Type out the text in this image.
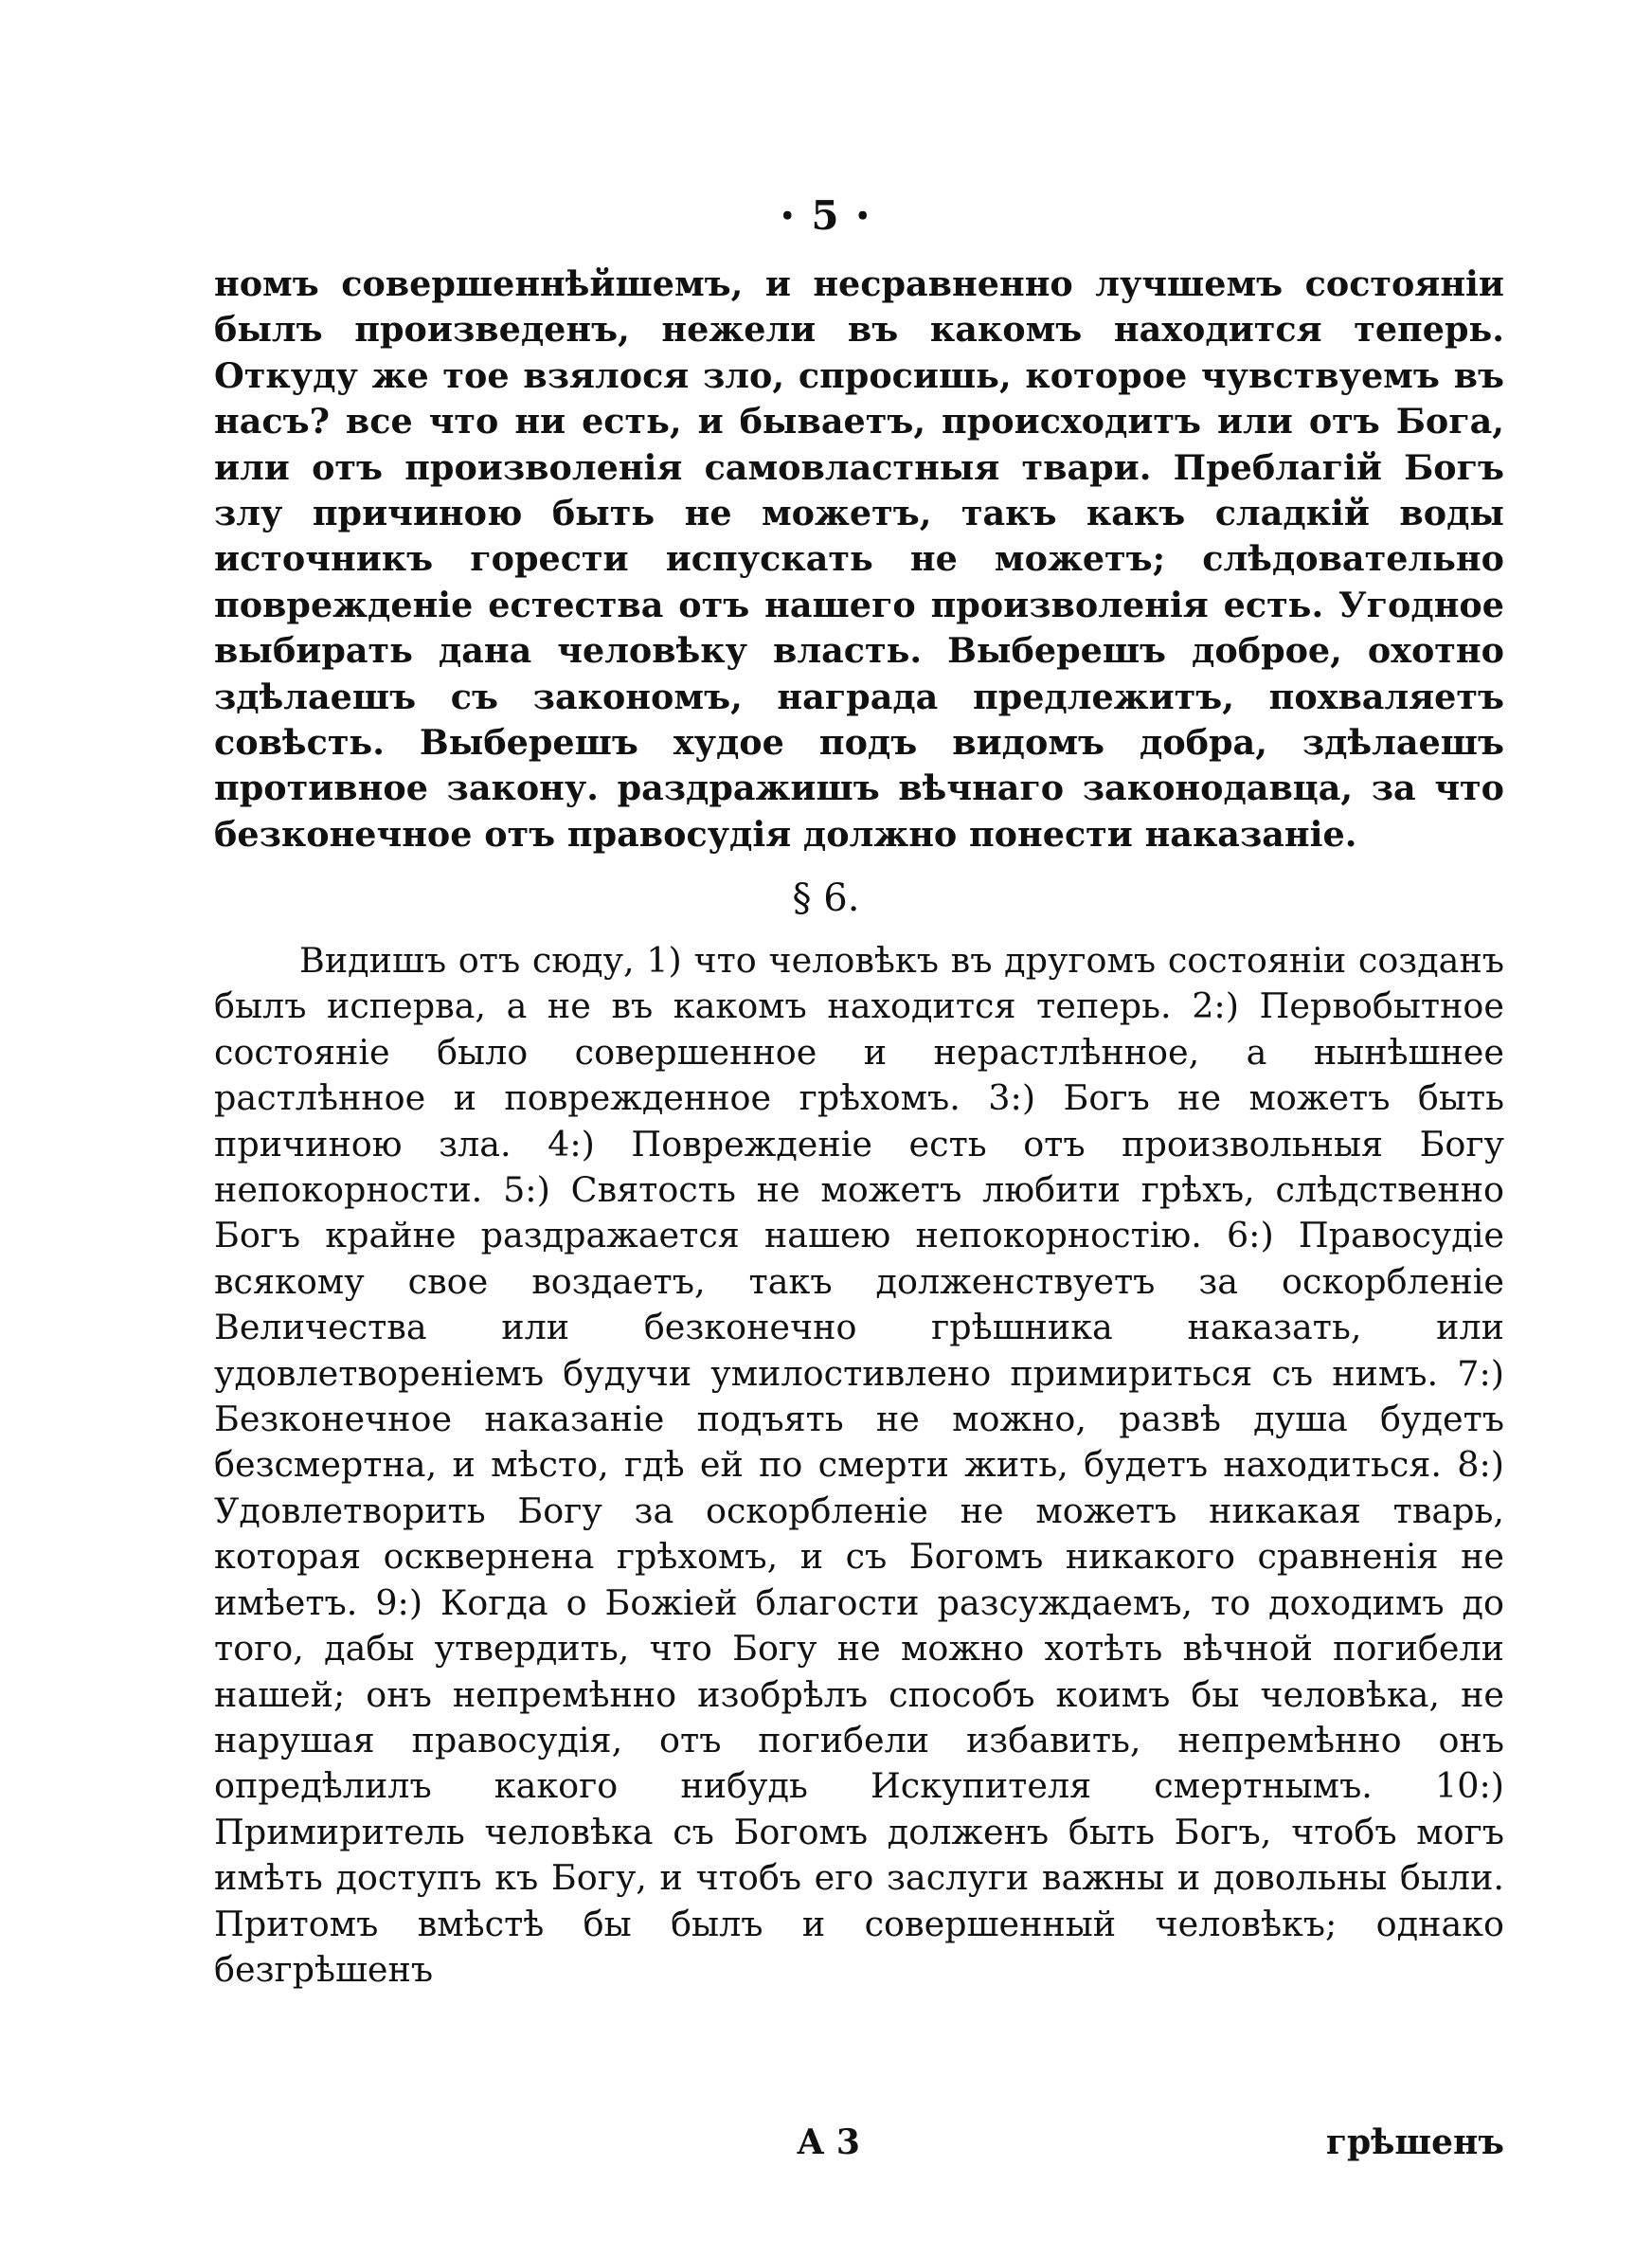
ꞏ 5 ꞏ
номъ совершеннѣйшемъ, и несравненно лучшемъ состояніи былъ произведенъ, нежели въ какомъ находится теперь. Откуду же тое взялося зло, спросишь, которое чувствуемъ въ насъ? все что ни есть, и бываетъ, происходитъ или отъ Бога, или отъ произволенія самовластныя твари. Преблагій Богъ злу причиною быть не можетъ, такъ какъ сладкій воды источникъ горести испускать не можетъ; слѣдовательно поврежденіе естества отъ нашего произволенія есть. Угодное выбирать дана человѣку власть. Выберешъ доброе, охотно здѣлаешъ съ закономъ, награда предлежитъ, похваляетъ совѣсть. Выберешъ худое подъ видомъ добра, здѣлаешъ противное закону. раздражишъ вѣчнаго законодавца, за что безконечное отъ правосудія должно понести наказаніе.
§ 6.
Видишъ отъ сюду, 1) что человѣкъ въ другомъ состояніи созданъ былъ исперва, а не въ какомъ находится теперь. 2:) Первобытное состояніе было совершенное и нерастлѣнное, а нынѣшнее растлѣнное и поврежденное грѣхомъ. 3:) Богъ не можетъ быть причиною зла. 4:) Поврежденіе есть отъ произвольныя Богу непокорности. 5:) Святость не можетъ любити грѣхъ, слѣдственно Богъ крайне раздражается нашею непокорностію. 6:) Правосудіе всякому свое воздаетъ, такъ долженствуетъ за оскорбленіе Величества или безконечно грѣшника наказать, или удовлетвореніемъ будучи умилостивлено примириться съ нимъ. 7:) Безконечное наказаніе подъять не можно, развѣ душа будетъ безсмертна, и мѣсто, гдѣ ей по смерти жить, будетъ находиться. 8:) Удовлетворить Богу за оскорбленіе не можетъ никакая тварь, которая осквернена грѣхомъ, и съ Богомъ никакого сравненія не имѣетъ. 9:) Когда о Божіей благости разсуждаемъ, то доходимъ до того, дабы утвердить, что Богу не можно хотѣть вѣчной погибели нашей; онъ непремѣнно изобрѣлъ способъ коимъ бы человѣка, не нарушая правосудія, отъ погибели избавить, непремѣнно онъ опредѣлилъ какого нибудь Искупителя смертнымъ. 10:) Примиритель человѣка съ Богомъ долженъ быть Богъ, чтобъ могъ имѣть доступъ къ Богу, и чтобъ его заслуги важны и довольны были. Притомъ вмѣстѣ бы былъ и совершенный человѣкъ; однако безгрѣшенъ
А 3	грѣшенъ
